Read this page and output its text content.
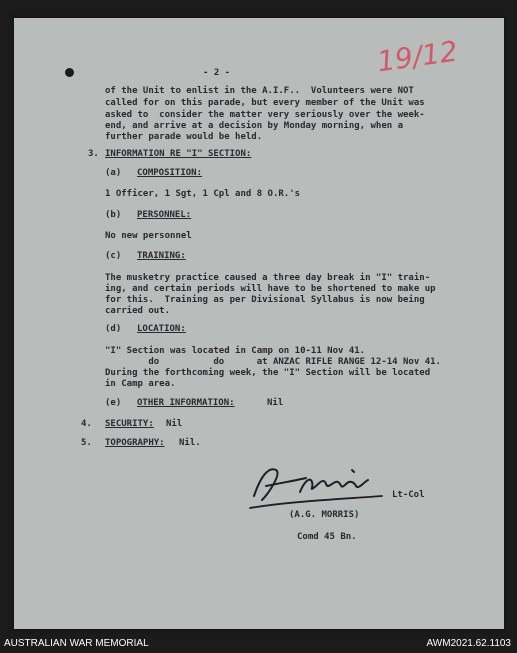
19/12
- 2 -
of the Unit to enlist in the A.I.F..  Volunteers were NOT
called for on this parade, but every member of the Unit was
asked to  consider the matter very seriously over the week-
end, and arrive at a decision by Monday morning, when a
further parade would be held.
3. INFORMATION RE "I" SECTION:
(a) COMPOSITION:
1 Officer, 1 Sgt, 1 Cpl and 8 O.R.'s
(b) PERSONNEL:
No new personnel
(c) TRAINING:
The musketry practice caused a three day break in "I" train-
ing, and certain periods will have to be shortened to make up
for this.  Training as per Divisional Syllabus is now being
carried out.
(d) LOCATION:
"I" Section was located in Camp on 10-11 Nov 41.
do          do      at ANZAC RIFLE RANGE 12-14 Nov 41.
During the forthcoming week, the "I" Section will be located
in Camp area.
(e) OTHER INFORMATION:	Nil
4. SECURITY: Nil
5. TOPOGRAPHY: Nil.
Lt-Col
(A.G. MORRIS)
Comd 45 Bn.
AUSTRALIAN WAR MEMORIAL	AWM2021.62.1103
